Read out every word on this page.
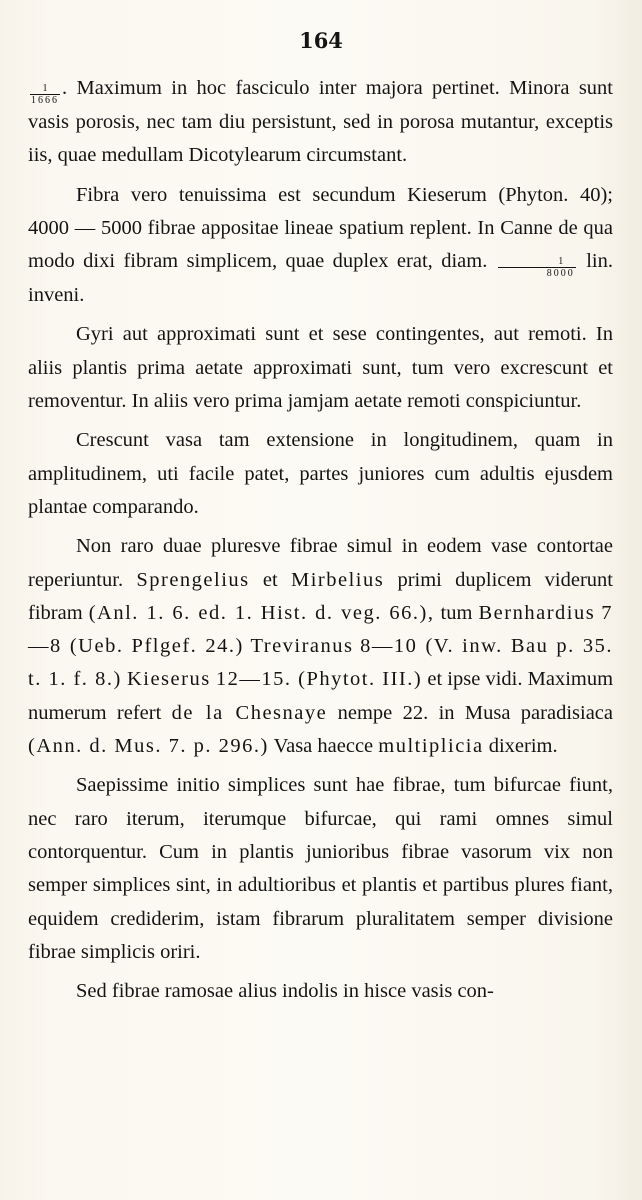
164

$\frac{1}{1666}$ . Maximum in hoc fasciculo inter majora pertinet. Minora sunt vasis porosis, nec tam diu persistunt, sed in porosa mutantur, exceptis iis, quae medullam Dicotylearum circumstant.

Fibra vero tenuissima est secundum Kieserum (Phyton. 40); 4000 — 5000 fibrae appositae lineae spatium replent. In Canne de qua modo dixi fibram simplicem, quae duplex erat, diam. $\frac{1}{8000}$ lin. inveni.

Gyri aut approximati sunt et sese contingentes, aut remoti. In aliis plantis prima aetate approximati sunt, tum vero excrescunt et removentur. In aliis vero prima jamjam aetate remoti conspiciuntur.

Crescunt vasa tam extensione in longitudinem, quam in amplitudinem, uti facile patet, partes juniores cum adultis ejusdem plantae comparando.

Non raro duae pluresve fibrae simul in eodem vase contortae reperiuntur. Sprengelius et Mirbelius primi duplicem viderunt fibram (Anl. 1. 6. ed. 1. Hist. d. veg. 66.), tum Bernhardius 7—8 (Ueb. Pflgef. 24.) Treviranus 8—10 (V. inw. Bau p. 35. t. 1. f. 8.) Kieserus 12—15. (Phytot. III.) et ipse vidi. Maximum numerum refert de la Chesnaye nempe 22. in Musa paradisiaca (Ann. d. Mus. 7. p. 296.) Vasa haecce multiplicia dixerim.

Saepissime initio simplices sunt hae fibrae, tum bifurcae fiunt, nec raro iterum, iterumque bifurcae, qui rami omnes simul contorquentur. Cum in plantis junioribus fibrae vasorum vix non semper simplices sint, in adultioribus et plantis et partibus plures fiant, equidem crediderim, istam fibrarum pluralitatem semper divisione fibrae simplicis oriri.

Sed fibrae ramosae alius indolis in hisce vasis con-
